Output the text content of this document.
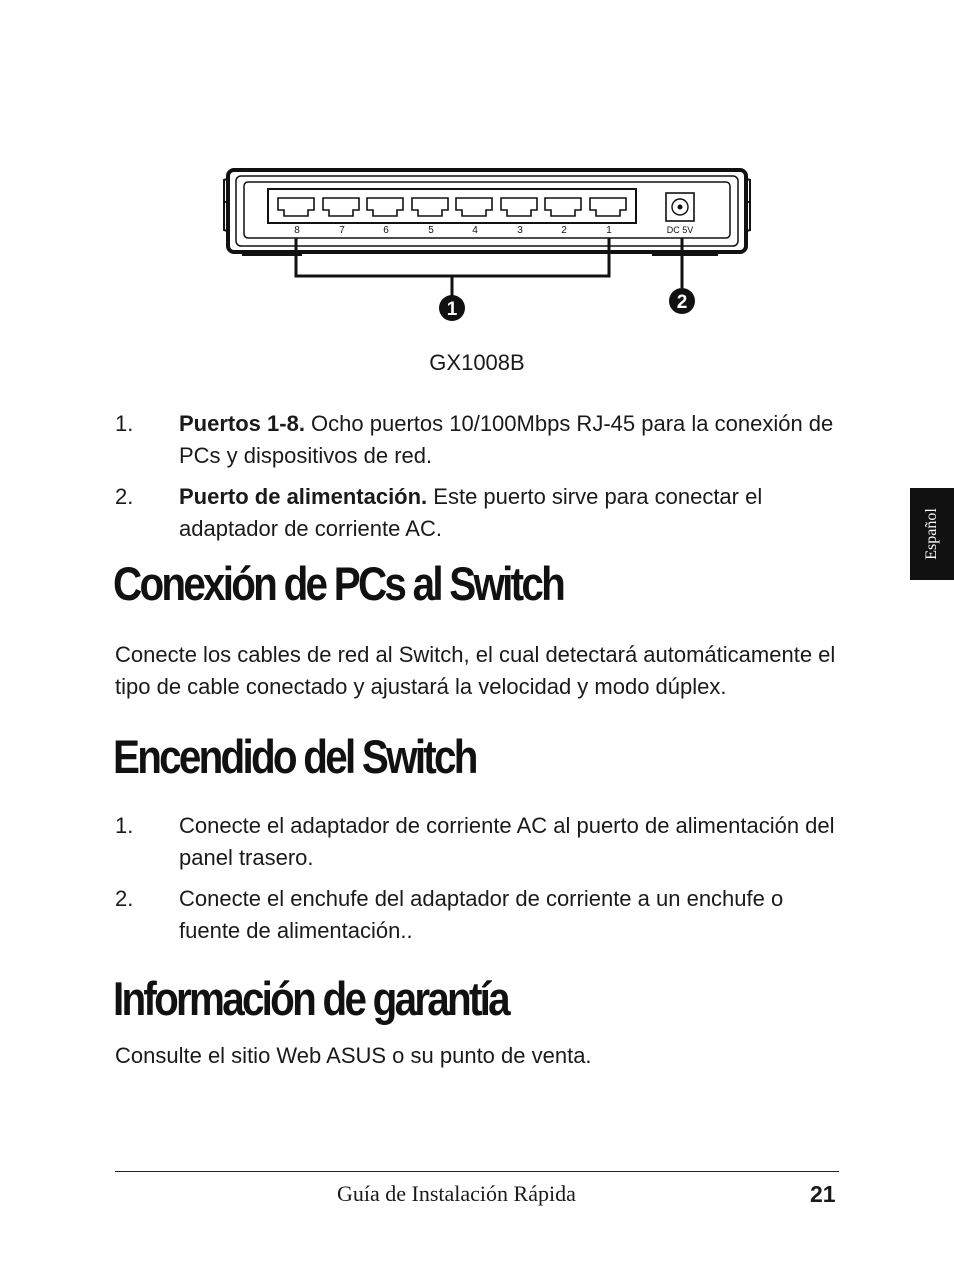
8	7	6	5	4	3	2	1	DC 5V
1	2
GX1008B
1.	Puertos 1-8. Ocho puertos 10/100Mbps RJ-45 para la conexión de PCs y dispositivos de red.
2.	Puerto de alimentación. Este puerto sirve para conectar el adaptador de corriente AC.
Conexión de PCs al Switch
Conecte los cables de red al Switch, el cual detectará automáticamente el tipo de cable conectado y ajustará la velocidad y modo dúplex.
Encendido del Switch
1.	Conecte el adaptador de corriente AC al puerto de alimentación del panel trasero.
2.	Conecte el enchufe del adaptador de corriente a un enchufe o fuente de alimentación..
Información de garantía
Consulte el sitio Web ASUS o su punto de venta.
Español
Guía de Instalación Rápida	21
